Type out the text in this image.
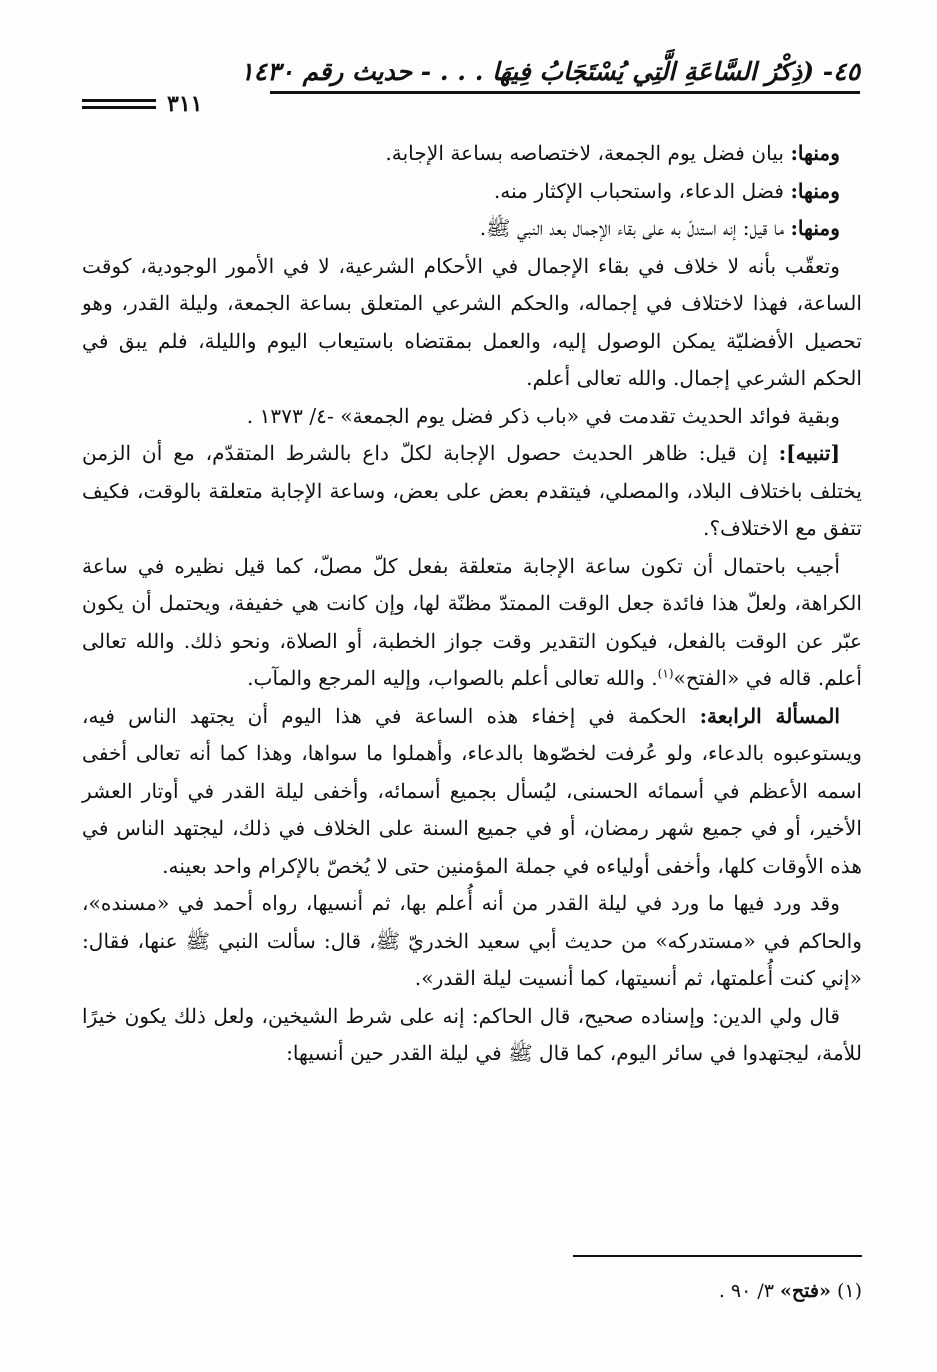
٤٥- (ذِكْرُ السَّاعَةِ الَّتِي يُسْتَجَابُ فِيهَا . . . - حديث رقم ١٤٣٠
٣١١

ومنها: بيان فضل يوم الجمعة، لاختصاصه بساعة الإجابة.

ومنها: فضل الدعاء، واستحباب الإكثار منه.

ومنها: ما قيل: إنه استدلّ به على بقاء الإجمال بعد النبي ﷺ.

وتعقّب بأنه لا خلاف في بقاء الإجمال في الأحكام الشرعية، لا في الأمور الوجودية، كوقت الساعة، فهذا لاختلاف في إجماله، والحكم الشرعي المتعلق بساعة الجمعة، وليلة القدر، وهو تحصيل الأفضليّة يمكن الوصول إليه، والعمل بمقتضاه باستيعاب اليوم والليلة، فلم يبق في الحكم الشرعي إجمال. والله تعالى أعلم.

وبقية فوائد الحديث تقدمت في «باب ذكر فضل يوم الجمعة» -٤/ ١٣٧٣ .

[تنبيه]: إن قيل: ظاهر الحديث حصول الإجابة لكلّ داع بالشرط المتقدّم، مع أن الزمن يختلف باختلاف البلاد، والمصلي، فيتقدم بعض على بعض، وساعة الإجابة متعلقة بالوقت، فكيف تتفق مع الاختلاف؟.

أجيب باحتمال أن تكون ساعة الإجابة متعلقة بفعل كلّ مصلّ، كما قيل نظيره في ساعة الكراهة، ولعلّ هذا فائدة جعل الوقت الممتدّ مظنّة لها، وإن كانت هي خفيفة، ويحتمل أن يكون عبّر عن الوقت بالفعل، فيكون التقدير وقت جواز الخطبة، أو الصلاة، ونحو ذلك. والله تعالى أعلم. قاله في «الفتح»$^{(١)}$. والله تعالى أعلم بالصواب، وإليه المرجع والمآب.

المسألة الرابعة: الحكمة في إخفاء هذه الساعة في هذا اليوم أن يجتهد الناس فيه، ويستوعبوه بالدعاء، ولو عُرفت لخصّوها بالدعاء، وأهملوا ما سواها، وهذا كما أنه تعالى أخفى اسمه الأعظم في أسمائه الحسنى، ليُسأل بجميع أسمائه، وأخفى ليلة القدر في أوتار العشر الأخير، أو في جميع شهر رمضان، أو في جميع السنة على الخلاف في ذلك، ليجتهد الناس في هذه الأوقات كلها، وأخفى أولياءه في جملة المؤمنين حتى لا يُخصّ بالإكرام واحد بعينه.

وقد ورد فيها ما ورد في ليلة القدر من أنه أُعلم بها، ثم أنسيها، رواه أحمد في «مسنده»، والحاكم في «مستدركه» من حديث أبي سعيد الخدريّ ﷺ، قال: سألت النبي ﷺ عنها، فقال: «إني كنت أُعلمتها، ثم أنسيتها، كما أنسيت ليلة القدر».

قال ولي الدين: وإسناده صحيح، قال الحاكم: إنه على شرط الشيخين، ولعل ذلك يكون خيرًا للأمة، ليجتهدوا في سائر اليوم، كما قال ﷺ في ليلة القدر حين أنسيها:

(١) «فتح» ٣/ ٩٠ .
